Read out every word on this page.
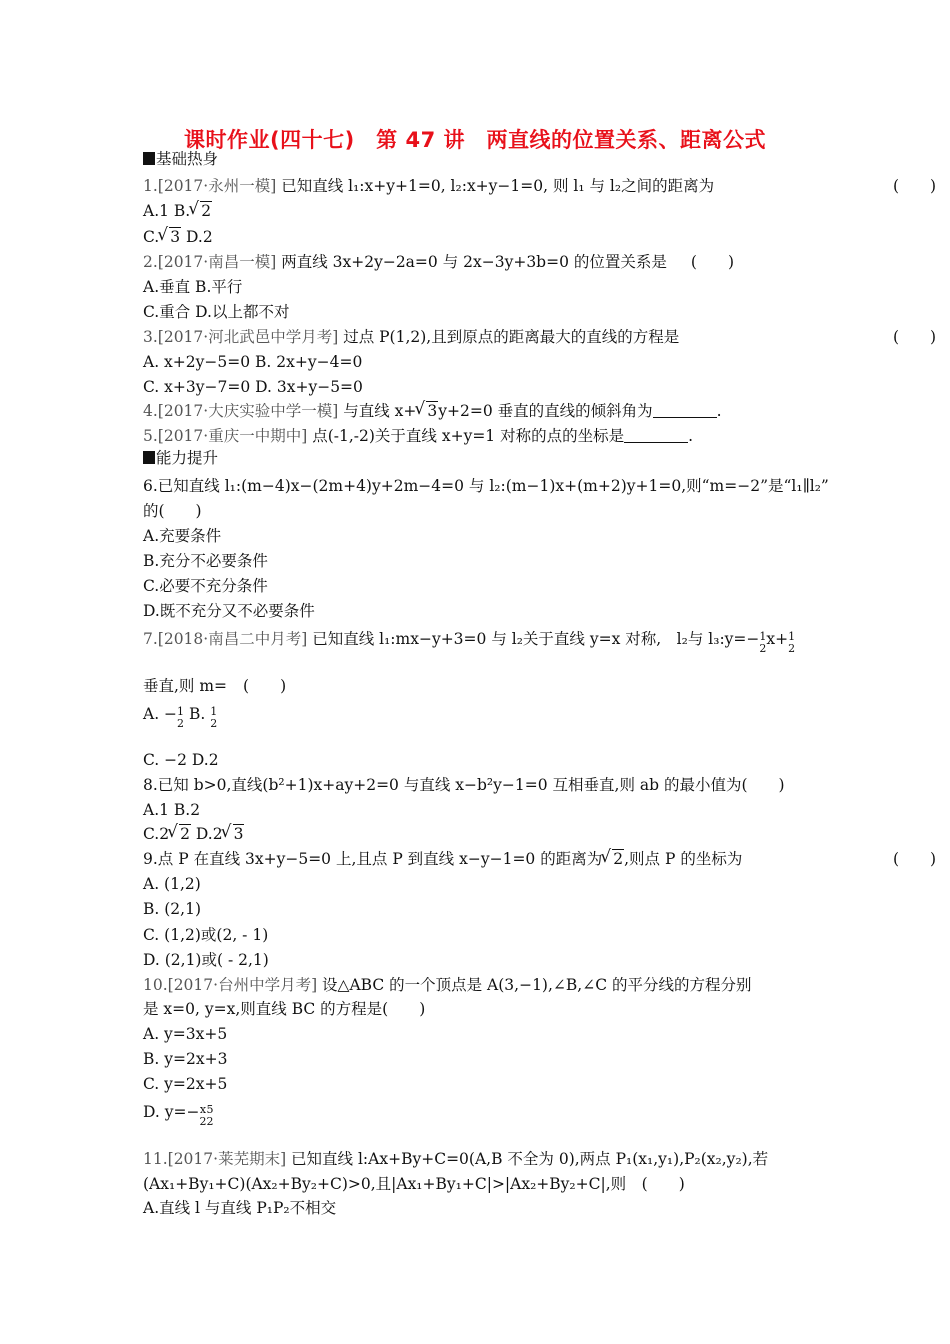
课时作业(四十七)　第 47 讲　两直线的位置关系、距离公式
基础热身
1.[2017·永州一模] 已知直线 l₁:x+y+1=0, l₂:x+y−1=0, 则 l₁ 与 l₂之间的距离为	(　　)
A.1 B. √ 2
C. √ 3 D.2
2.[2017·南昌一模] 两直线 3x+2y−2a=0 与 2x−3y+3b=0 的位置关系是 (　　)
A.垂直 B.平行
C.重合 D.以上都不对
3.[2017·河北武邑中学月考] 过点 P(1,2),且到原点的距离最大的直线的方程是	(　　)
A. x+2y−5=0 B. 2x+y−4=0
C. x+3y−7=0 D. 3x+y−5=0
4.[2017·大庆实验中学一模] 与直线 x+ √ 3y+2=0 垂直的直线的倾斜角为	.
5.[2017·重庆一中期中] 点(-1,-2)关于直线 x+y=1 对称的点的坐标是	.
能力提升
6.已知直线 l₁:(m−4)x−(2m+4)y+2m−4=0 与 l₂:(m−1)x+(m+2)y+1=0,则“m=−2”是“l₁∥l₂”
的(　　)
A.充要条件
B.充分不必要条件
C.必要不充分条件
D.既不充分又不必要条件
7.[2018·南昌二中月考] 已知直线 l₁:mx−y+3=0 与 l₂关于直线 y=x 对称,　l₂与 l₃:y=− 1
2
x+ 1
2
垂直,则 m= (　　)
A. − 1
2
B. 1
2
C. −2 D.2
8.已知 b>0,直线(b²+1)x+ay+2=0 与直线 x−b²y−1=0 互相垂直,则 ab 的最小值为(　　)
A.1 B.2
C.2 √ 2 D.2 √ 3
9.点 P 在直线 3x+y−5=0 上,且点 P 到直线 x−y−1=0 的距离为 √ 2,则点 P 的坐标为	(　　)
A. (1,2)
B. (2,1)
C. (1,2)或(2, - 1)
D. (2,1)或( - 2,1)
10.[2017·台州中学月考] 设△ABC 的一个顶点是 A(3,−1),∠B,∠C 的平分线的方程分别
是 x=0, y=x,则直线 BC 的方程是(　　)
A. y=3x+5
B. y=2x+3
C. y=2x+5
D. y=− x
2
5
2
11.[2017·莱芜期末] 已知直线 l:Ax+By+C=0(A,B 不全为 0),两点 P₁(x₁,y₁),P₂(x₂,y₂),若
(Ax₁+By₁+C)(Ax₂+By₂+C)>0,且|Ax₁+By₁+C|>|Ax₂+By₂+C|,则　(　　)
A.直线 l 与直线 P₁P₂不相交
